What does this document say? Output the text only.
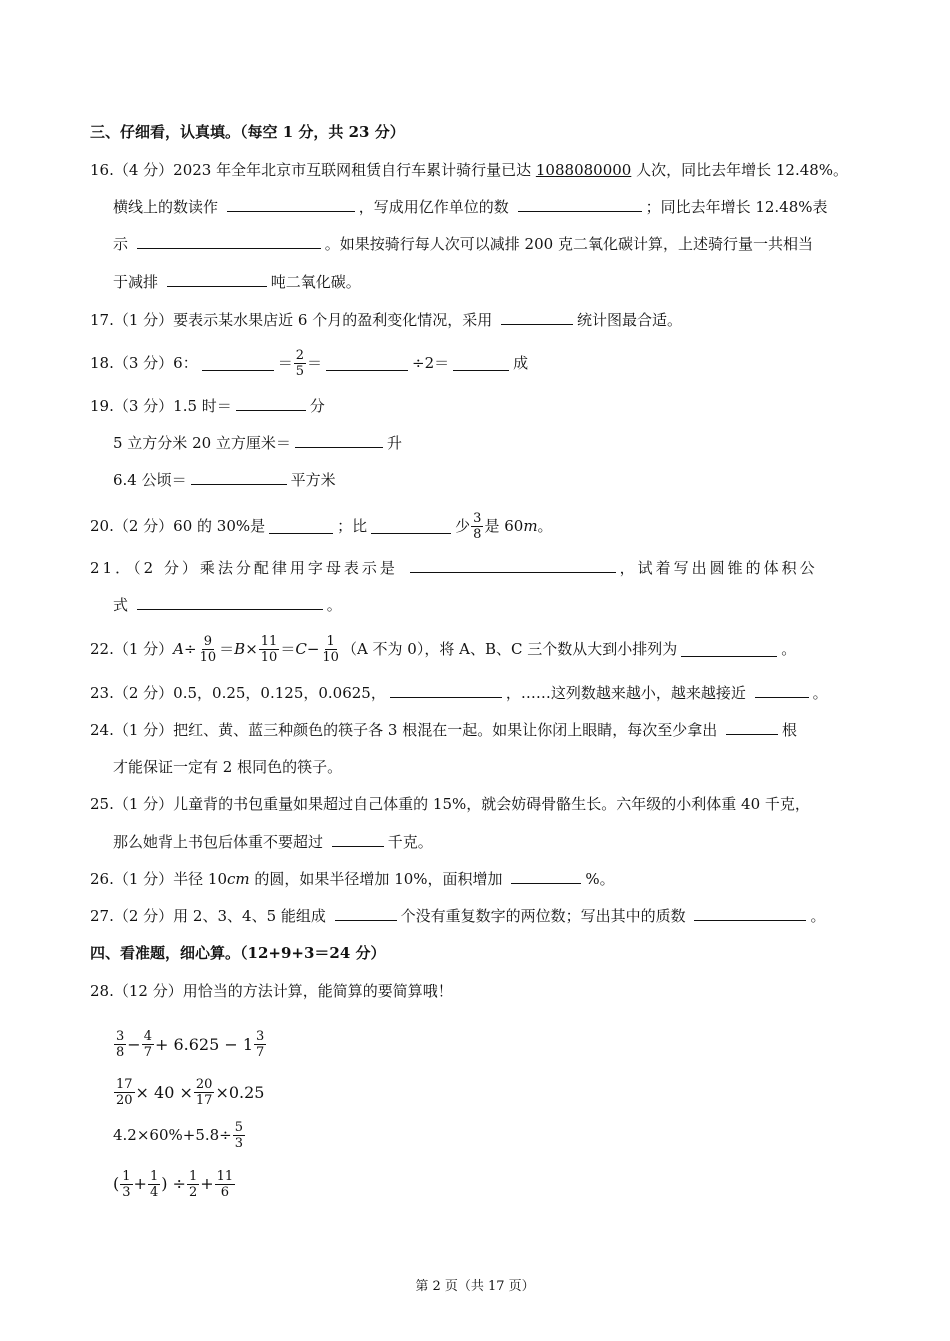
三、仔细看，认真填。（每空 1 分，共 23 分）
16.（4 分）2023 年全年北京市互联网租赁自行车累计骑行量已达 1088080000 人次，同比去年增长 12.48%。
横线上的数读作	，写成用亿作单位的数	；同比去年增长 12.48%表
示	。如果按骑行每人次可以减排 200 克二氧化碳计算，上述骑行量一共相当
于减排	吨二氧化碳。
17.（1 分）要表示某水果店近 6 个月的盈利变化情况，采用	统计图最合适。
18.（3 分）6：	＝ $\frac{2}{5}$ ＝	÷2＝	成
19.（3 分）1.5 时＝	分
5 立方分米 20 立方厘米＝	升
6.4 公顷＝	平方米
20.（2 分）60 的 30%是	；比	少 $\frac{3}{8}$ 是 60 m 。
21．（2 分）乘法分配律用字母表示是	，试着写出圆锥的体积公
式	。
22.（1 分） $A \div \frac{9}{10} = B \times \frac{11}{10} = C - \frac{1}{10} (A$ 不为 0），将 A、B、C 三个数从大到小排列为	。
23.（2 分）0.5，0.25，0.125，0.0625，	，……这列数越来越小，越来越接近	。
24.（1 分）把红、黄、蓝三种颜色的筷子各 3 根混在一起。如果让你闭上眼睛，每次至少拿出	根
才能保证一定有 2 根同色的筷子。
25.（1 分）儿童背的书包重量如果超过自己体重的 15%，就会妨碍骨骼生长。六年级的小利体重 40 千克，
那么她背上书包后体重不要超过	千克。
26.（1 分）半径 10cm 的圆，如果半径增加 10%，面积增加	%。
27.（2 分）用 2、3、4、5 能组成	个没有重复数字的两位数；写出其中的质数	。
四、看准题，细心算。（12+9+3＝24 分）
28.（12 分）用恰当的方法计算，能简算的要简算哦！
$\frac{3}{8} - \frac{4}{7} + 6.625 - 1 \frac{3}{7}$
$\frac{17}{20} \times 40 \times \frac{20}{17} \times 0.25$
$4.2\times 60\%+5.8\div \frac{5}{3}$
( $\frac{1}{3} + \frac{1}{4}$ ) ÷ $\frac{1}{2} + \frac{11}{6}$
第 2 页（共 17 页）
